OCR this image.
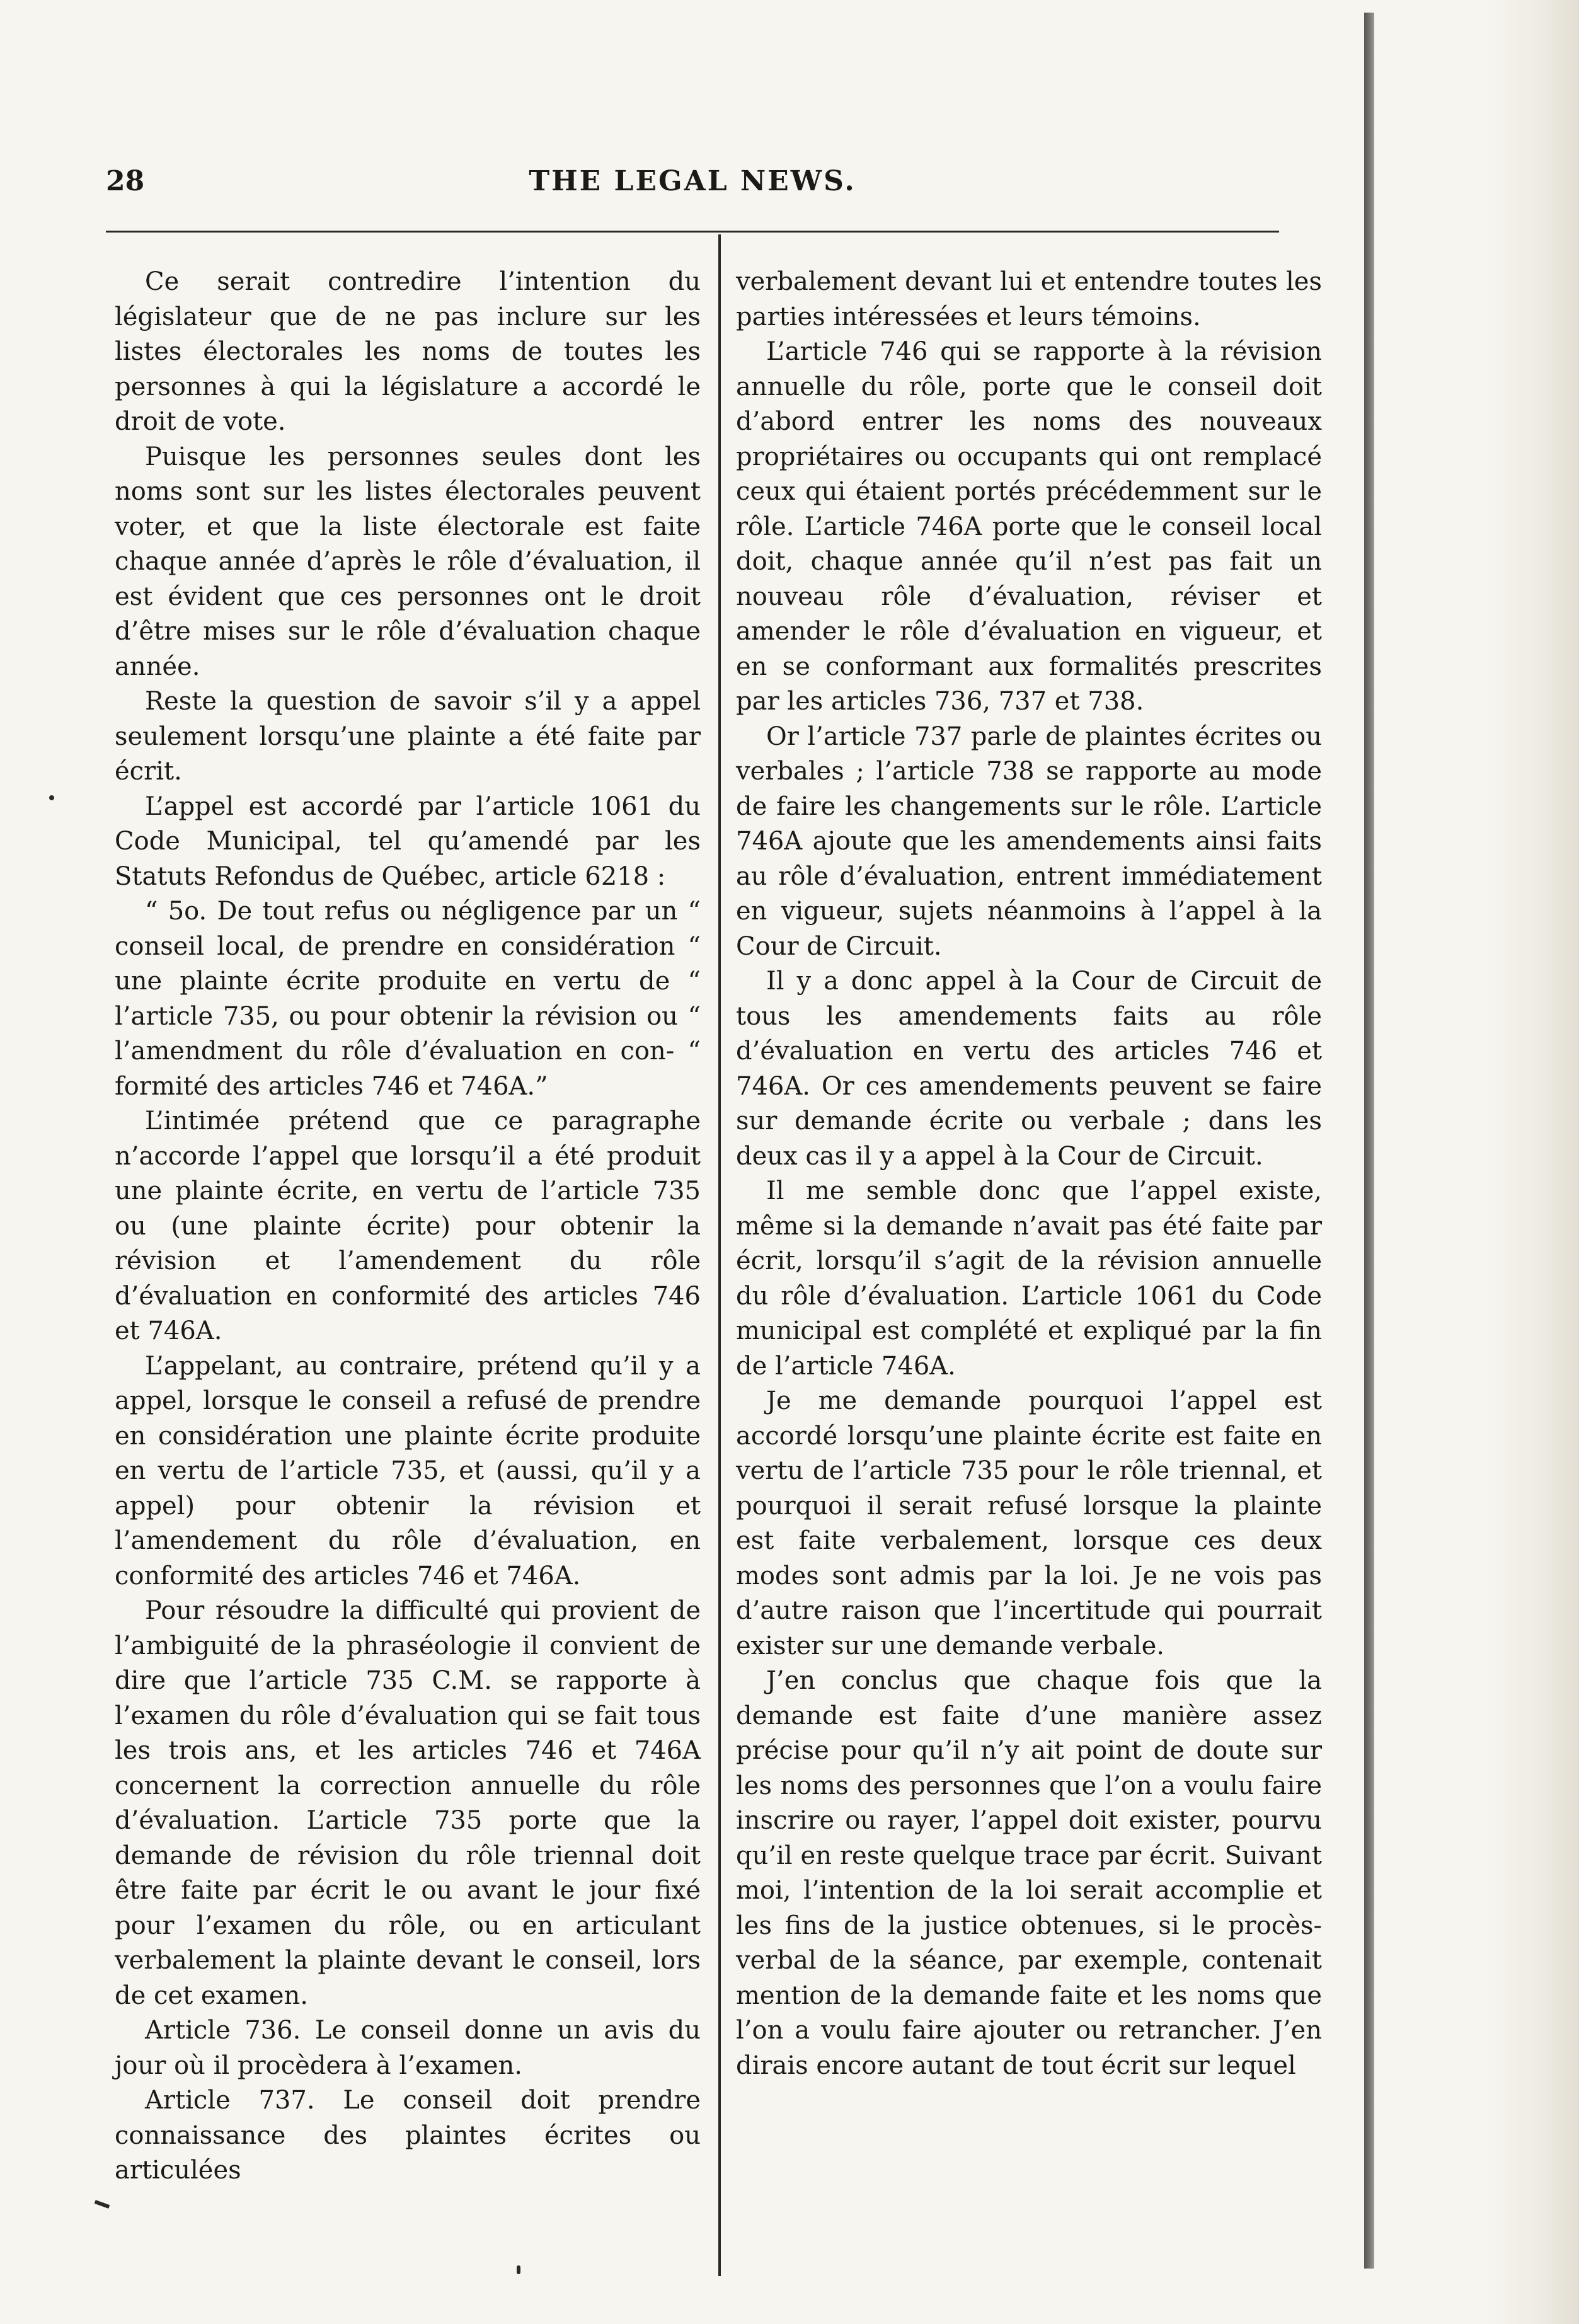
28	THE LEGAL NEWS.

Ce serait contredire l’intention du législateur que de ne pas inclure sur les listes électorales les noms de toutes les personnes à qui la législature a accordé le droit de vote.

Puisque les personnes seules dont les noms sont sur les listes électorales peuvent voter, et que la liste électorale est faite chaque année d’après le rôle d’évaluation, il est évident que ces personnes ont le droit d’être mises sur le rôle d’évaluation chaque année.

Reste la question de savoir s’il y a appel seulement lorsqu’une plainte a été faite par écrit.

L’appel est accordé par l’article 1061 du Code Municipal, tel qu’amendé par les Statuts Refondus de Québec, article 6218 :

“ 5o. De tout refus ou négligence par un “ conseil local, de prendre en considération “ une plainte écrite produite en vertu de “ l’article 735, ou pour obtenir la révision ou “ l’amendment du rôle d’évaluation en con- “ formité des articles 746 et 746A.”

L’intimée prétend que ce paragraphe n’accorde l’appel que lorsqu’il a été produit une plainte écrite, en vertu de l’article 735 ou (une plainte écrite) pour obtenir la révision et l’amendement du rôle d’évaluation en conformité des articles 746 et 746A.

L’appelant, au contraire, prétend qu’il y a appel, lorsque le conseil a refusé de prendre en considération une plainte écrite produite en vertu de l’article 735, et (aussi, qu’il y a appel) pour obtenir la révision et l’amendement du rôle d’évaluation, en conformité des articles 746 et 746A.

Pour résoudre la difficulté qui provient de l’ambiguité de la phraséologie il convient de dire que l’article 735 C.M. se rapporte à l’examen du rôle d’évaluation qui se fait tous les trois ans, et les articles 746 et 746A concernent la correction annuelle du rôle d’évaluation. L’article 735 porte que la demande de révision du rôle triennal doit être faite par écrit le ou avant le jour fixé pour l’examen du rôle, ou en articulant verbalement la plainte devant le conseil, lors de cet examen.

Article 736. Le conseil donne un avis du jour où il procèdera à l’examen.

Article 737. Le conseil doit prendre connaissance des plaintes écrites ou articulées

verbalement devant lui et entendre toutes les parties intéressées et leurs témoins.

L’article 746 qui se rapporte à la révision annuelle du rôle, porte que le conseil doit d’abord entrer les noms des nouveaux propriétaires ou occupants qui ont remplacé ceux qui étaient portés précédemment sur le rôle. L’article 746A porte que le conseil local doit, chaque année qu’il n’est pas fait un nouveau rôle d’évaluation, réviser et amender le rôle d’évaluation en vigueur, et en se conformant aux formalités prescrites par les articles 736, 737 et 738.

Or l’article 737 parle de plaintes écrites ou verbales ; l’article 738 se rapporte au mode de faire les changements sur le rôle. L’article 746A ajoute que les amendements ainsi faits au rôle d’évaluation, entrent immédiatement en vigueur, sujets néanmoins à l’appel à la Cour de Circuit.

Il y a donc appel à la Cour de Circuit de tous les amendements faits au rôle d’évaluation en vertu des articles 746 et 746A. Or ces amendements peuvent se faire sur demande écrite ou verbale ; dans les deux cas il y a appel à la Cour de Circuit.

Il me semble donc que l’appel existe, même si la demande n’avait pas été faite par écrit, lorsqu’il s’agit de la révision annuelle du rôle d’évaluation. L’article 1061 du Code municipal est complété et expliqué par la fin de l’article 746A.

Je me demande pourquoi l’appel est accordé lorsqu’une plainte écrite est faite en vertu de l’article 735 pour le rôle triennal, et pourquoi il serait refusé lorsque la plainte est faite verbalement, lorsque ces deux modes sont admis par la loi. Je ne vois pas d’autre raison que l’incertitude qui pourrait exister sur une demande verbale.

J’en conclus que chaque fois que la demande est faite d’une manière assez précise pour qu’il n’y ait point de doute sur les noms des personnes que l’on a voulu faire inscrire ou rayer, l’appel doit exister, pourvu qu’il en reste quelque trace par écrit. Suivant moi, l’intention de la loi serait accomplie et les fins de la justice obtenues, si le procès-verbal de la séance, par exemple, contenait mention de la demande faite et les noms que l’on a voulu faire ajouter ou retrancher. J’en dirais encore autant de tout écrit sur lequel
